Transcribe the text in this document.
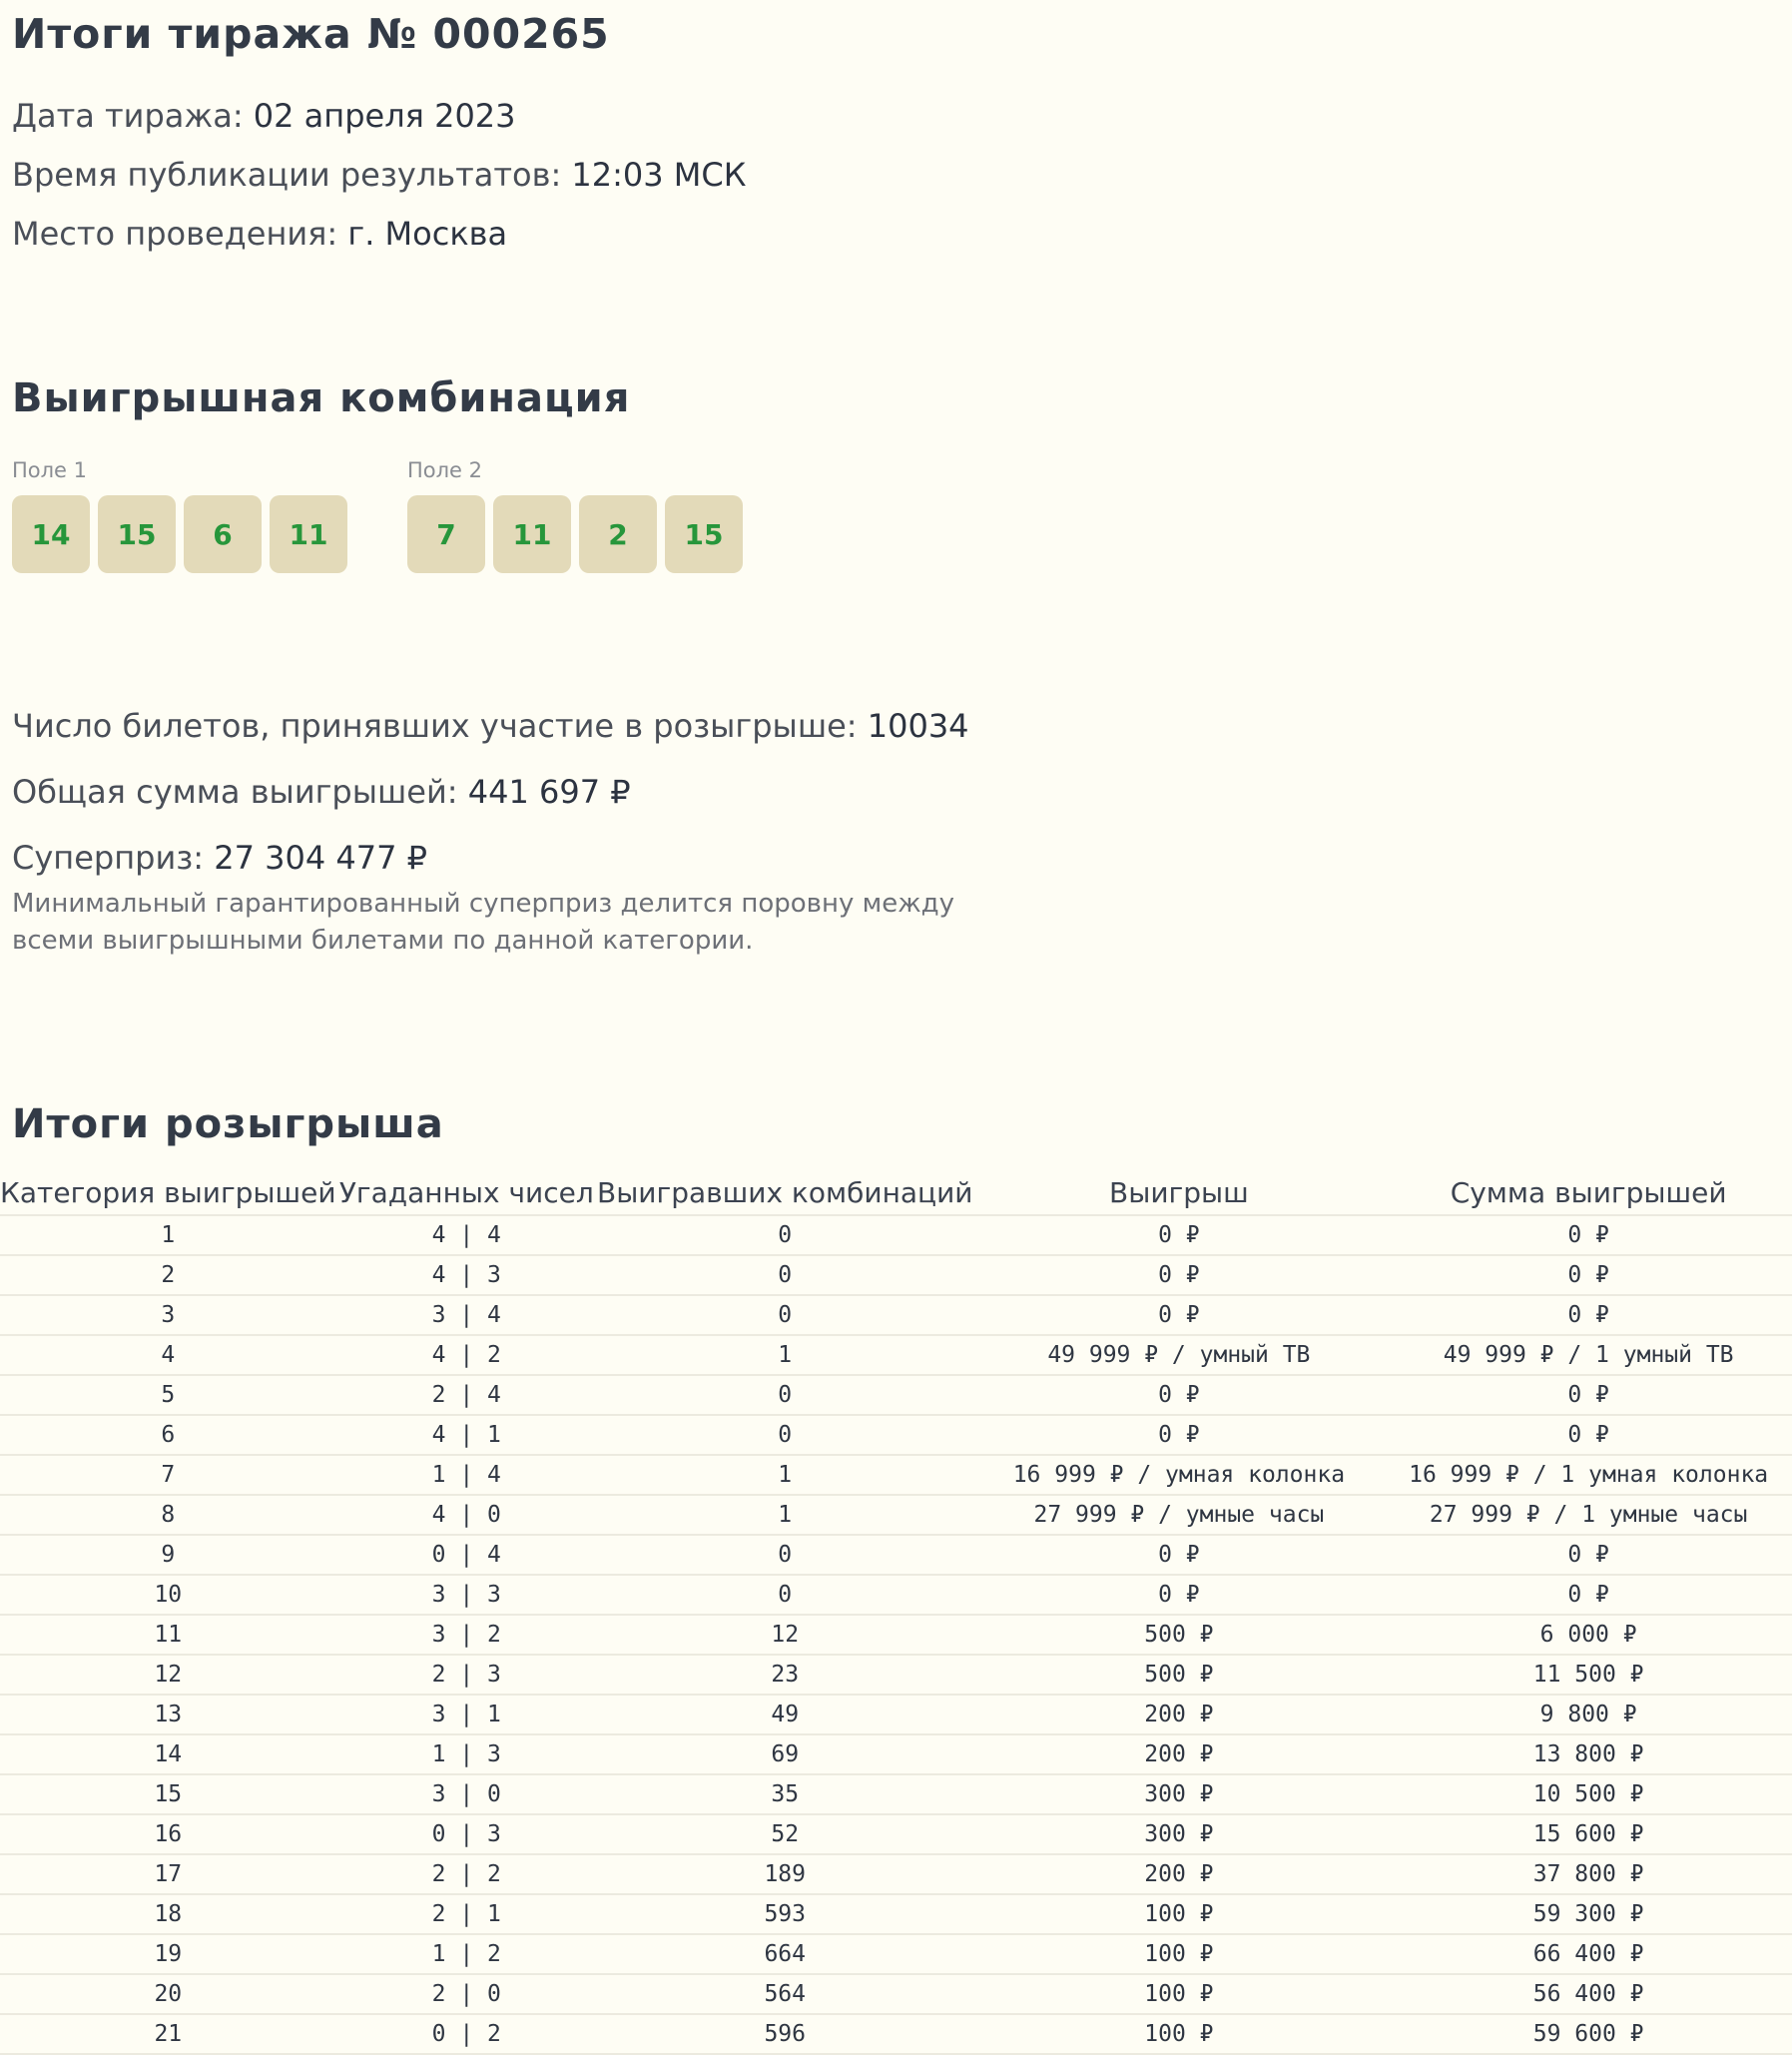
Итоги тиража № 000265
Дата тиража: 02 апреля 2023
Время публикации результатов: 12:03 МСК
Место проведения: г. Москва
Выигрышная комбинация
Поле 1
14	15	6	11
Поле 2
7	11	2	15
Число билетов, принявших участие в розыгрыше: 10034
Общая сумма выигрышей: 441 697 ₽
Суперприз: 27 304 477 ₽
Минимальный гарантированный суперприз делится поровну между всеми выигрышными билетами по данной категории.
Итоги розыгрыша
Категория выигрышей	Угаданных чисел	Выигравших комбинаций	Выигрыш	Сумма выигрышей
1	4 | 4	0	0 ₽	0 ₽
2	4 | 3	0	0 ₽	0 ₽
3	3 | 4	0	0 ₽	0 ₽
4	4 | 2	1	49 999 ₽ / умный ТВ	49 999 ₽ / 1 умный ТВ
5	2 | 4	0	0 ₽	0 ₽
6	4 | 1	0	0 ₽	0 ₽
7	1 | 4	1	16 999 ₽ / умная колонка	16 999 ₽ / 1 умная колонка
8	4 | 0	1	27 999 ₽ / умные часы	27 999 ₽ / 1 умные часы
9	0 | 4	0	0 ₽	0 ₽
10	3 | 3	0	0 ₽	0 ₽
11	3 | 2	12	500 ₽	6 000 ₽
12	2 | 3	23	500 ₽	11 500 ₽
13	3 | 1	49	200 ₽	9 800 ₽
14	1 | 3	69	200 ₽	13 800 ₽
15	3 | 0	35	300 ₽	10 500 ₽
16	0 | 3	52	300 ₽	15 600 ₽
17	2 | 2	189	200 ₽	37 800 ₽
18	2 | 1	593	100 ₽	59 300 ₽
19	1 | 2	664	100 ₽	66 400 ₽
20	2 | 0	564	100 ₽	56 400 ₽
21	0 | 2	596	100 ₽	59 600 ₽
